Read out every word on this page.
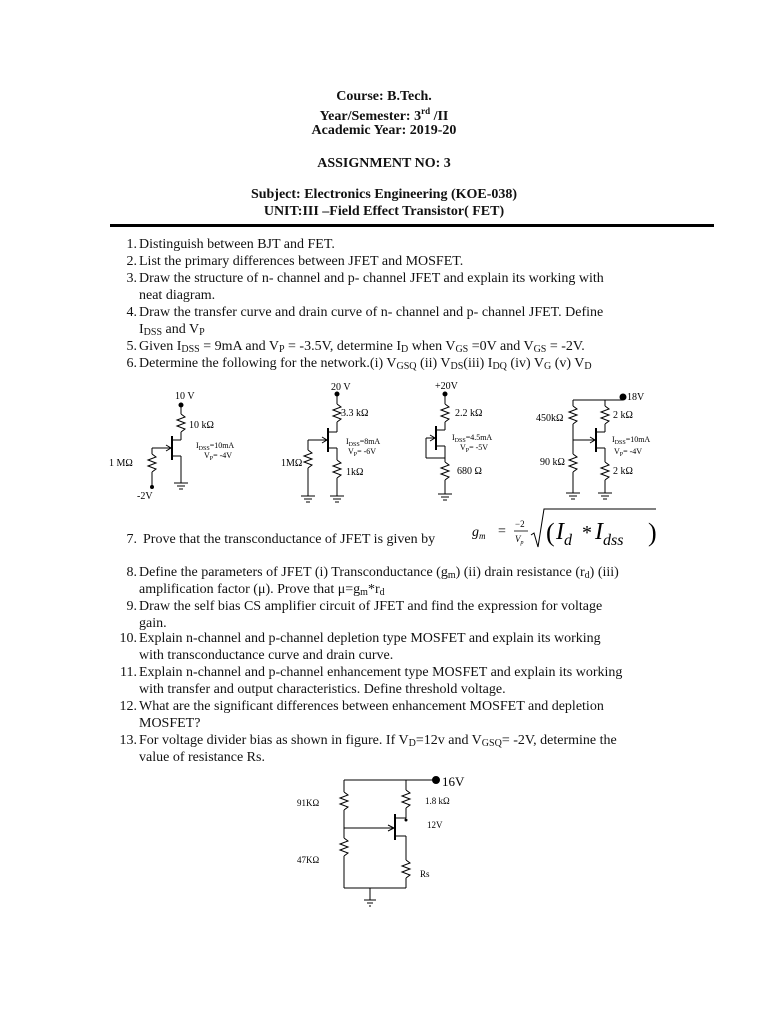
Course: B.Tech.
Year/Semester: 3rd /II
Academic Year: 2019-20
ASSIGNMENT NO: 3
Subject: Electronics Engineering (KOE-038)
UNIT:III –Field Effect Transistor( FET)
1. Distinguish between BJT and FET.
2. List the primary differences between JFET and MOSFET.
3. Draw the structure of n- channel and p- channel JFET and explain its working with
neat diagram.
4. Draw the transfer curve and drain curve of n- channel and p- channel JFET. Define
$I_{DSS}$ and $V_P$
5. Given $I_{DSS} = 9mA$ and $V_P = -3.5V$, determine $I_D$ when $V_{GS} =0V$ and $V_{GS} = -2V$.
6. Determine the following for the network.(i) $V_{GSQ}$ (ii) $V_{DS}(iii)$ $I_{DQ}$ (iv) $V_G$ (v) $V_D$
10 V
10 kΩ
$I_{DSS}=10mA$
$V_P= -4V$
1 MΩ
-2V
20 V
3.3 kΩ
$I_{DSS}=8mA$
$V_P= -6V$
1MΩ
1kΩ
+20V
2.2 kΩ
$I_{DSS}=4.5mA$
$V_P= -5V$
680 Ω
18V
450kΩ	2 kΩ
$I_{DSS}=10mA$
$V_P= -4V$
90 kΩ
2 kΩ
7. Prove that the transconductance of JFET is given by	$g_m = -2$
$V_p$ ( $I_d * I_{dss}$ )
8. Define the parameters of JFET (i) Transconductance $(g_m)$ (ii) drain resistance $(r_d)$ (iii)
amplification factor (μ). Prove that $\mu=g_m*r_d$
9. Draw the self bias CS amplifier circuit of JFET and find the expression for voltage
gain.
10. Explain n-channel and p-channel depletion type MOSFET and explain its working
with transconductance curve and drain curve.
11. Explain n-channel and p-channel enhancement type MOSFET and explain its working
with transfer and output characteristics. Define threshold voltage.
12. What are the significant differences between enhancement MOSFET and depletion
MOSFET?
13. For voltage divider bias as shown in figure. If $V_D=12v$ and $V_{GSQ}= -2V$, determine the
value of resistance Rs.
16V
91KΩ	1.8 kΩ
12V
47KΩ
Rs
